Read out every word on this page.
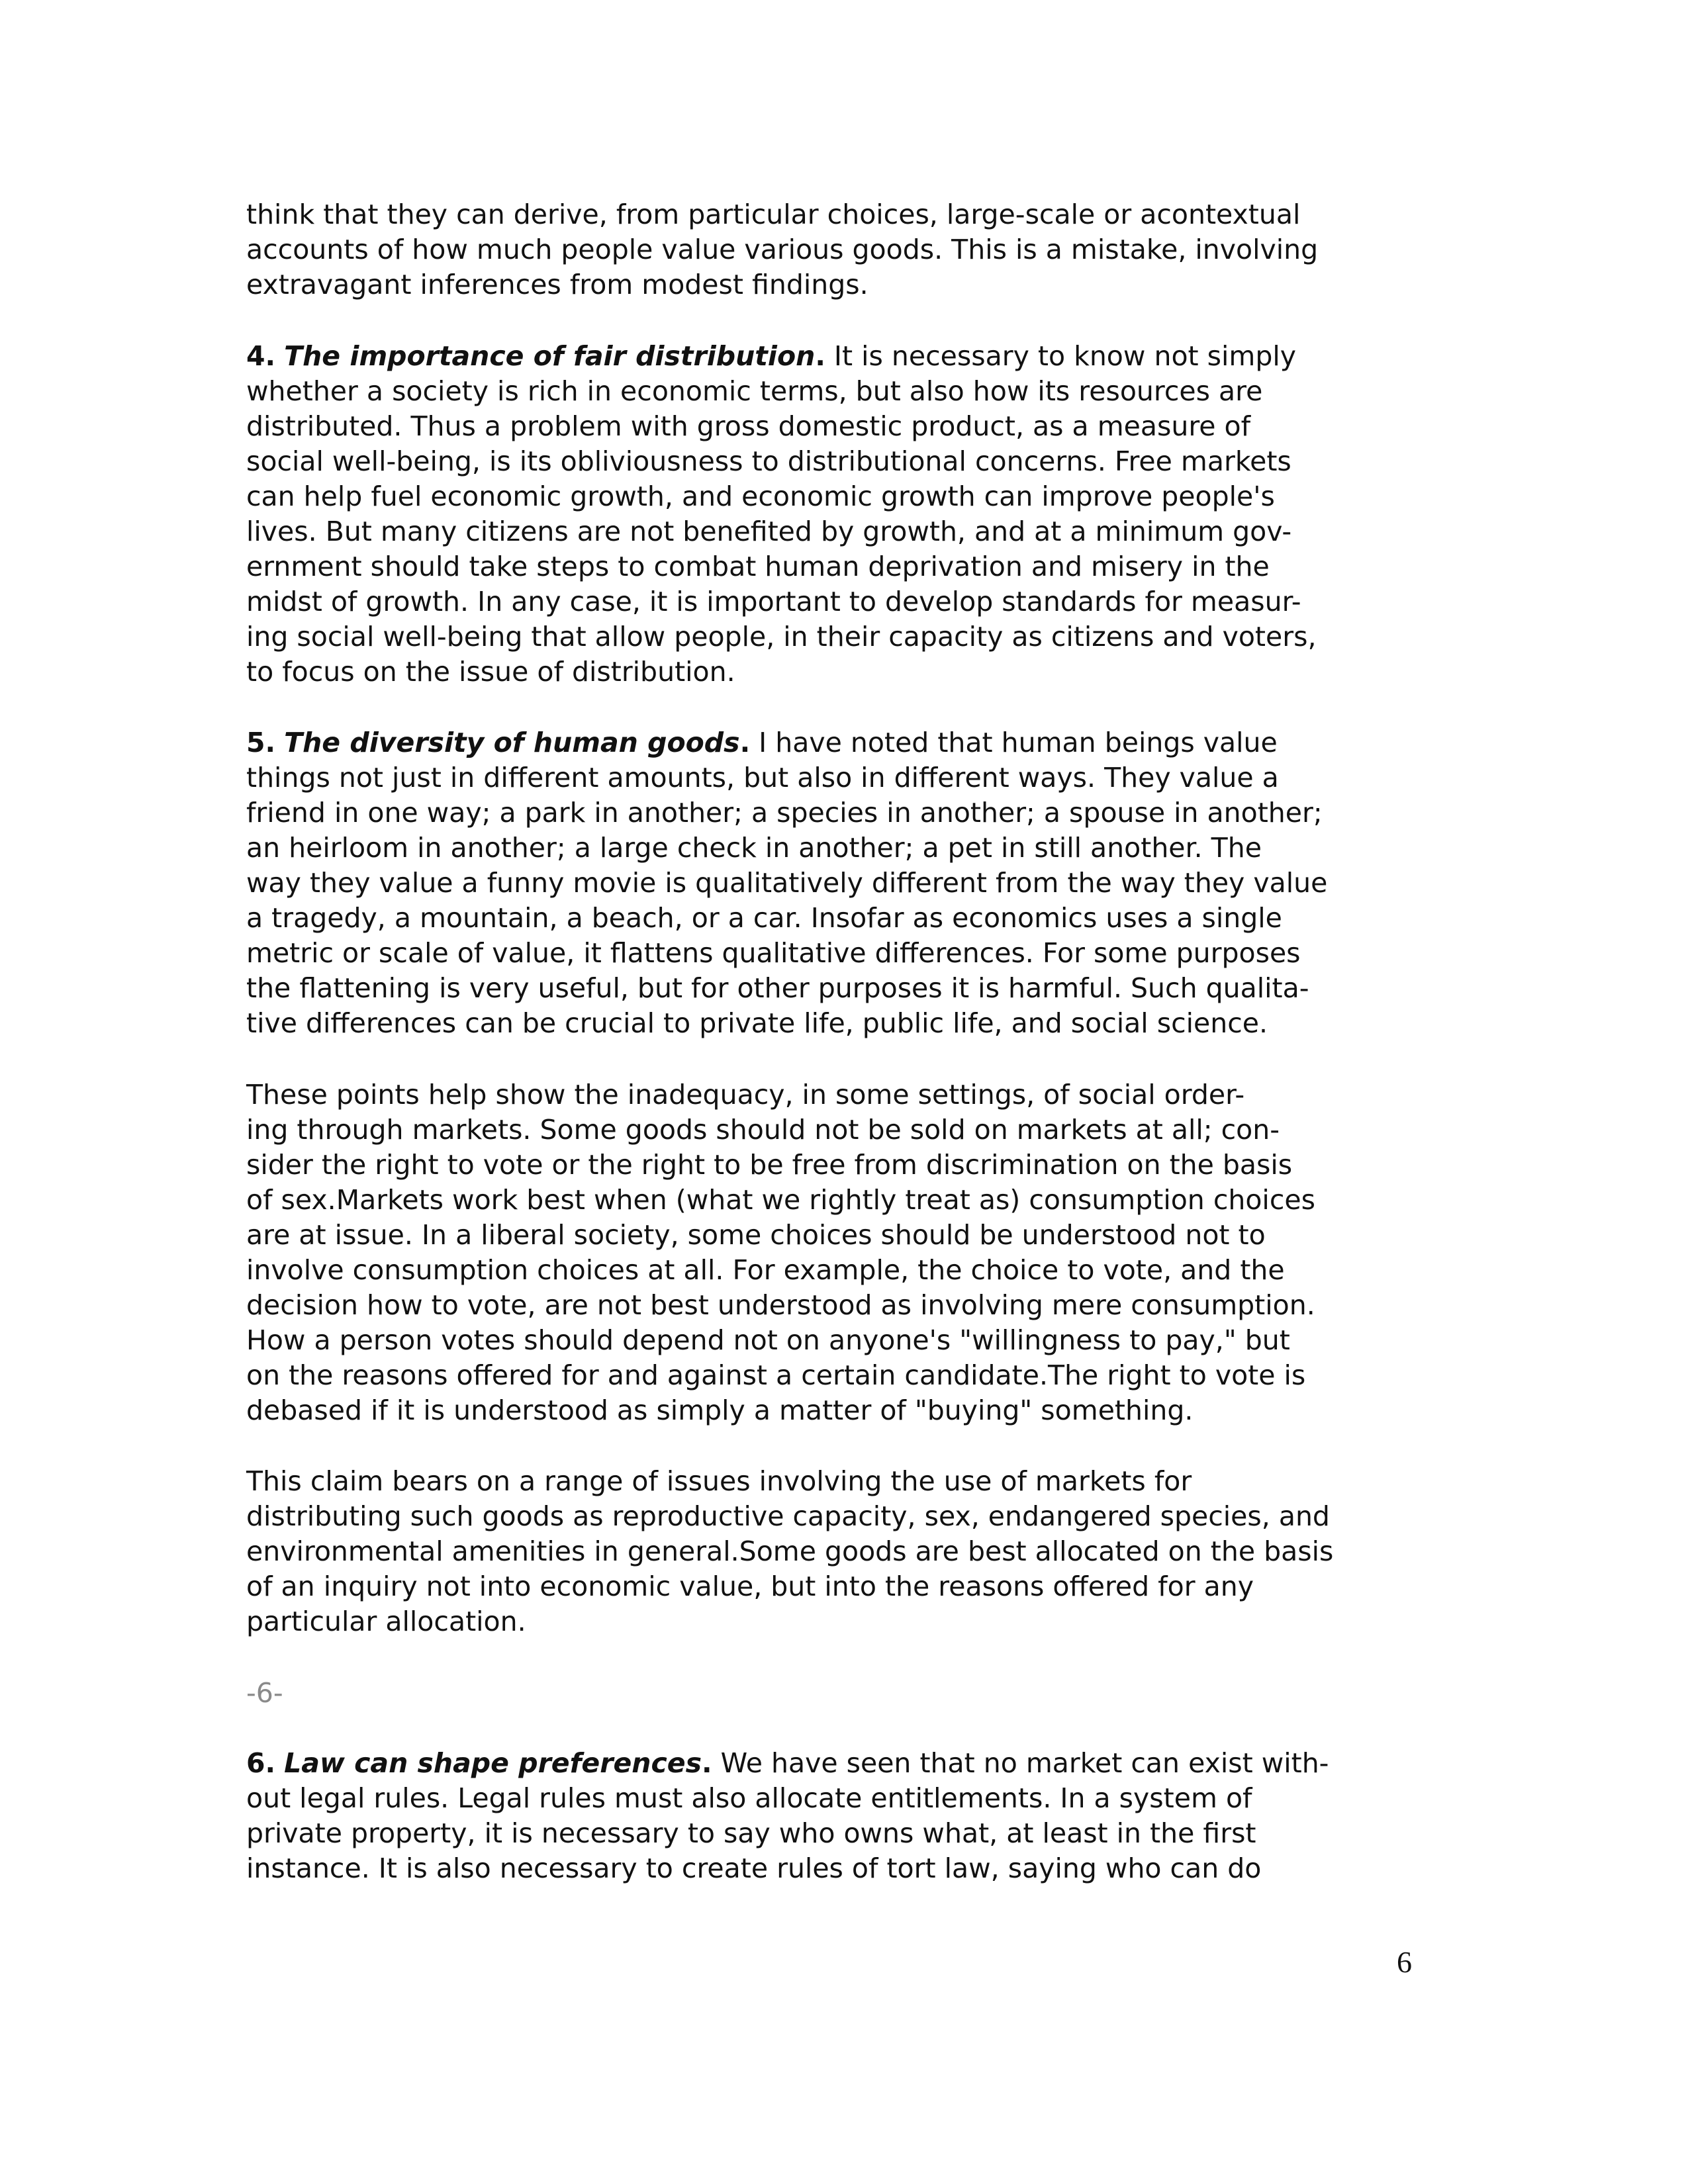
think that they can derive, from particular choices, large-scale or acontextual
accounts of how much people value various goods. This is a mistake, involving
extravagant inferences from modest findings.
4. The importance of fair distribution. It is necessary to know not simply
whether a society is rich in economic terms, but also how its resources are
distributed. Thus a problem with gross domestic product, as a measure of
social well-being, is its obliviousness to distributional concerns. Free markets
can help fuel economic growth, and economic growth can improve people's
lives. But many citizens are not benefited by growth, and at a minimum gov-
ernment should take steps to combat human deprivation and misery in the
midst of growth. In any case, it is important to develop standards for measur-
ing social well-being that allow people, in their capacity as citizens and voters,
to focus on the issue of distribution.
5. The diversity of human goods. I have noted that human beings value
things not just in different amounts, but also in different ways. They value a
friend in one way; a park in another; a species in another; a spouse in another;
an heirloom in another; a large check in another; a pet in still another. The
way they value a funny movie is qualitatively different from the way they value
a tragedy, a mountain, a beach, or a car. Insofar as economics uses a single
metric or scale of value, it flattens qualitative differences. For some purposes
the flattening is very useful, but for other purposes it is harmful. Such qualita-
tive differences can be crucial to private life, public life, and social science.
These points help show the inadequacy, in some settings, of social order-
ing through markets. Some goods should not be sold on markets at all; con-
sider the right to vote or the right to be free from discrimination on the basis
of sex.Markets work best when (what we rightly treat as) consumption choices
are at issue. In a liberal society, some choices should be understood not to
involve consumption choices at all. For example, the choice to vote, and the
decision how to vote, are not best understood as involving mere consumption.
How a person votes should depend not on anyone's "willingness to pay," but
on the reasons offered for and against a certain candidate.The right to vote is
debased if it is understood as simply a matter of "buying" something.
This claim bears on a range of issues involving the use of markets for
distributing such goods as reproductive capacity, sex, endangered species, and
environmental amenities in general.Some goods are best allocated on the basis
of an inquiry not into economic value, but into the reasons offered for any
particular allocation.
-6-
6. Law can shape preferences. We have seen that no market can exist with-
out legal rules. Legal rules must also allocate entitlements. In a system of
private property, it is necessary to say who owns what, at least in the first
instance. It is also necessary to create rules of tort law, saying who can do
6
